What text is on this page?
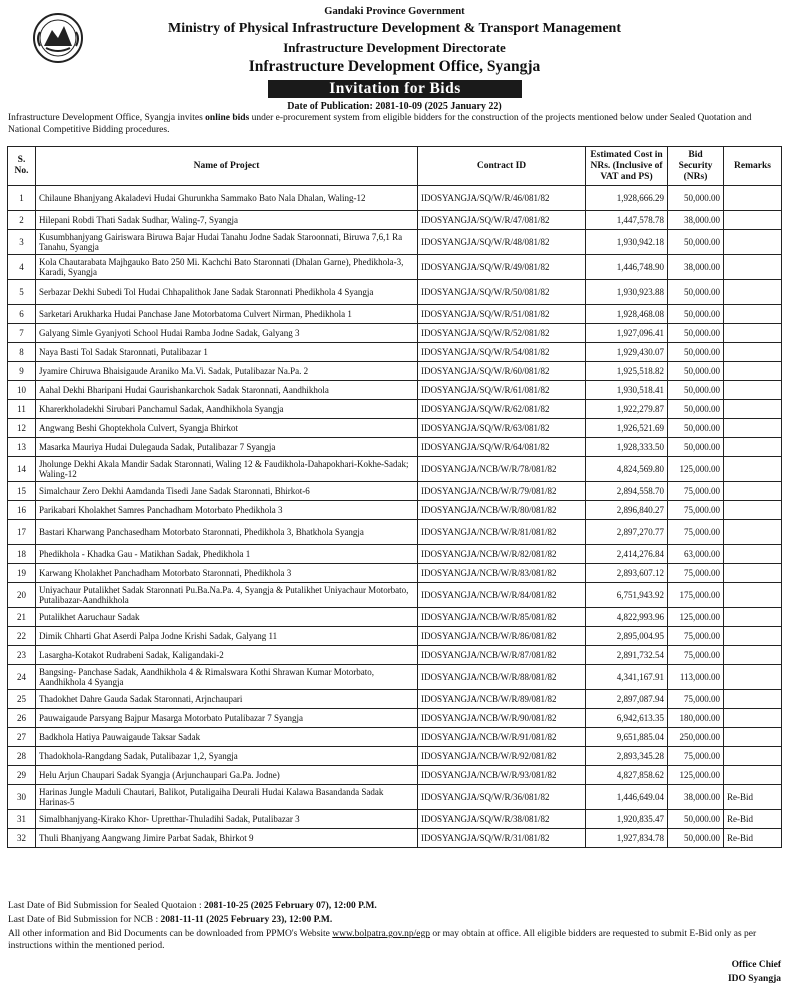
Gandaki Province Government
Ministry of Physical Infrastructure Development & Transport Management
Infrastructure Development Directorate
Infrastructure Development Office, Syangja
Invitation for Bids
Date of Publication: 2081-10-09 (2025 January 22)
Infrastructure Development Office, Syangja invites online bids under e-procurement system from eligible bidders for the construction of the projects mentioned below under Sealed Quotation and National Competitive Bidding procedures.
S. No.	Name of Project	Contract ID	Estimated Cost in NRs. (Inclusive of VAT and PS)	Bid Security (NRs)	Remarks
1	Chilaune Bhanjyang Akaladevi Hudai Ghurunkha Sammako Bato Nala Dhalan, Waling-12	IDOSYANGJA/SQ/W/R/46/081/82	1,928,666.29	50,000.00	
2	Hilepani Robdi Thati Sadak Sudhar, Waling-7, Syangja	IDOSYANGJA/SQ/W/R/47/081/82	1,447,578.78	38,000.00	
3	Kusumbhanjyang Gairiswara Biruwa Bajar Hudai Tanahu Jodne Sadak Staroonnati, Biruwa 7,6,1 Ra Tanahu, Syangja	IDOSYANGJA/SQ/W/R/48/081/82	1,930,942.18	50,000.00	
4	Kola Chautarabata Majhgauko Bato 250 Mi. Kachchi Bato Staronnati (Dhalan Garne), Phedikhola-3, Karadi, Syangja	IDOSYANGJA/SQ/W/R/49/081/82	1,446,748.90	38,000.00	
5	Serbazar Dekhi Subedi Tol Hudai Chhapalithok Jane Sadak Staronnati Phedikhola 4 Syangja	IDOSYANGJA/SQ/W/R/50/081/82	1,930,923.88	50,000.00	
6	Sarketari Arukharka Hudai Panchase Jane Motorbatoma Culvert Nirman, Phedikhola 1	IDOSYANGJA/SQ/W/R/51/081/82	1,928,468.08	50,000.00	
7	Galyang Simle Gyanjyoti School Hudai Ramba Jodne Sadak, Galyang 3	IDOSYANGJA/SQ/W/R/52/081/82	1,927,096.41	50,000.00	
8	Naya Basti Tol Sadak Staronnati, Putalibazar 1	IDOSYANGJA/SQ/W/R/54/081/82	1,929,430.07	50,000.00	
9	Jyamire Chiruwa Bhaisigaude Araniko Ma.Vi. Sadak, Putalibazar Na.Pa. 2	IDOSYANGJA/SQ/W/R/60/081/82	1,925,518.82	50,000.00	
10	Aahal Dekhi Bharipani Hudai Gaurishankarchok Sadak Staronnati, Aandhikhola	IDOSYANGJA/SQ/W/R/61/081/82	1,930,518.41	50,000.00	
11	Kharerkholadekhi Sirubari Panchamul Sadak, Aandhikhola Syangja	IDOSYANGJA/SQ/W/R/62/081/82	1,922,279.87	50,000.00	
12	Angwang Beshi Ghoptekhola Culvert, Syangja Bhirkot	IDOSYANGJA/SQ/W/R/63/081/82	1,926,521.69	50,000.00	
13	Masarka Mauriya Hudai Dulegauda Sadak, Putalibazar 7 Syangja	IDOSYANGJA/SQ/W/R/64/081/82	1,928,333.50	50,000.00	
14	Jholunge Dekhi Akala Mandir Sadak Staronnati, Waling 12 & Faudikhola-Dahapokhari-Kokhe-Sadak; Waling-12	IDOSYANGJA/NCB/W/R/78/081/82	4,824,569.80	125,000.00	
15	Simalchaur Zero Dekhi Aamdanda Tisedi Jane Sadak Staronnati, Bhirkot-6	IDOSYANGJA/NCB/W/R/79/081/82	2,894,558.70	75,000.00	
16	Parikabari Kholakhet Samres Panchadham Motorbato Phedikhola 3	IDOSYANGJA/NCB/W/R/80/081/82	2,896,840.27	75,000.00	
17	Bastari Kharwang Panchasedham Motorbato Staronnati, Phedikhola 3, Bhatkhola Syangja	IDOSYANGJA/NCB/W/R/81/081/82	2,897,270.77	75,000.00	
18	Phedikhola - Khadka Gau - Matikhan Sadak, Phedikhola 1	IDOSYANGJA/NCB/W/R/82/081/82	2,414,276.84	63,000.00	
19	Karwang Kholakhet Panchadham Motorbato Staronnati, Phedikhola 3	IDOSYANGJA/NCB/W/R/83/081/82	2,893,607.12	75,000.00	
20	Uniyachaur Putalikhet Sadak Staronnati Pu.Ba.Na.Pa. 4, Syangja & Putalikhet Uniyachaur Motorbato, Putalibazar-Aandhikhola	IDOSYANGJA/NCB/W/R/84/081/82	6,751,943.92	175,000.00	
21	Putalikhet Aaruchaur Sadak	IDOSYANGJA/NCB/W/R/85/081/82	4,822,993.96	125,000.00	
22	Dimik Chharti Ghat Aserdi Palpa Jodne Krishi Sadak, Galyang 11	IDOSYANGJA/NCB/W/R/86/081/82	2,895,004.95	75,000.00	
23	Lasargha-Kotakot Rudrabeni Sadak, Kaligandaki-2	IDOSYANGJA/NCB/W/R/87/081/82	2,891,732.54	75,000.00	
24	Bangsing- Panchase Sadak, Aandhikhola 4 & Rimalswara Kothi Shrawan Kumar Motorbato, Aandhikhola 4 Syangja	IDOSYANGJA/NCB/W/R/88/081/82	4,341,167.91	113,000.00	
25	Thadokhet Dahre Gauda Sadak Staronnati, Arjnchaupari	IDOSYANGJA/NCB/W/R/89/081/82	2,897,087.94	75,000.00	
26	Pauwaigaude Parsyang Bajpur Masarga Motorbato Putalibazar 7 Syangja	IDOSYANGJA/NCB/W/R/90/081/82	6,942,613.35	180,000.00	
27	Badkhola Hatiya Pauwaigaude Taksar Sadak	IDOSYANGJA/NCB/W/R/91/081/82	9,651,885.04	250,000.00	
28	Thadokhola-Rangdang Sadak, Putalibazar 1,2, Syangja	IDOSYANGJA/NCB/W/R/92/081/82	2,893,345.28	75,000.00	
29	Helu Arjun Chaupari Sadak Syangja (Arjunchaupari Ga.Pa. Jodne)	IDOSYANGJA/NCB/W/R/93/081/82	4,827,858.62	125,000.00	
30	Harinas Jungle Maduli Chautari, Balikot, Putaligaiha Deurali Hudai Kalawa Basandanda Sadak Harinas-5	IDOSYANGJA/SQ/W/R/36/081/82	1,446,649.04	38,000.00	Re-Bid
31	Simalbhanjyang-Kirako Khor- Upretthar-Thuladihi Sadak, Putalibazar 3	IDOSYANGJA/SQ/W/R/38/081/82	1,920,835.47	50,000.00	Re-Bid
32	Thuli Bhanjyang Aangwang Jimire Parbat Sadak, Bhirkot 9	IDOSYANGJA/SQ/W/R/31/081/82	1,927,834.78	50,000.00	Re-Bid
Last Date of Bid Submission for Sealed Quotaion : 2081-10-25 (2025 February 07), 12:00 P.M.
Last Date of Bid Submission for NCB : 2081-11-11 (2025 February 23), 12:00 P.M.
All other information and Bid Documents can be downloaded from PPMO's Website www.bolpatra.gov.np/egp or may obtain at office. All eligible bidders are requested to submit E-Bid only as per instructions within the mentioned period.
Office Chief
IDO Syangja
